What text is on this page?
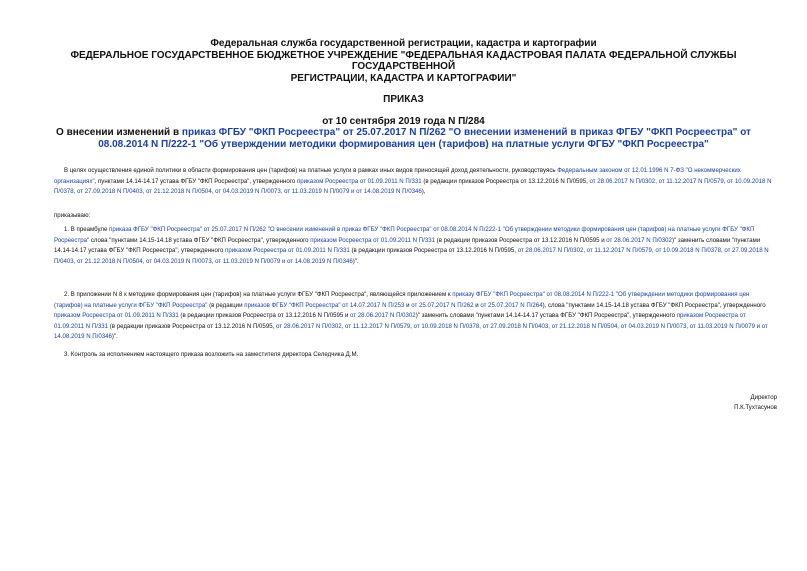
Федеральная служба государственной регистрации, кадастра и картографии
ФЕДЕРАЛЬНОЕ ГОСУДАРСТВЕННОЕ БЮДЖЕТНОЕ УЧРЕЖДЕНИЕ "ФЕДЕРАЛЬНАЯ КАДАСТРОВАЯ ПАЛАТА ФЕДЕРАЛЬНОЙ СЛУЖБЫ ГОСУДАРСТВЕННОЙ
РЕГИСТРАЦИИ, КАДАСТРА И КАРТОГРАФИИ"
ПРИКАЗ
от 10 сентября 2019 года N П/284
О внесении изменений в приказ ФГБУ "ФКП Росреестра" от 25.07.2017 N П/262 "О внесении изменений в приказ ФГБУ "ФКП Росреестра" от 08.08.2014 N П/222-1 "Об утверждении методики формирования цен (тарифов) на платные услуги ФГБУ "ФКП Росреестра"
В целях осуществления единой политики в области формирования цен (тарифов) на платные услуги в рамках иных видов приносящей доход деятельности, руководствуясь Федеральным законом от 12.01.1996 N 7-ФЗ "О некоммерческих организациях", пунктами 14.14-14.17 устава ФГБУ "ФКП Росреестра", утвержденного приказом Росреестра от 01.09.2011 N П/331 (в редакции приказов Росреестра от 13.12.2016 N П/0595, от 28.06.2017 N П/0302, от 11.12.2017 N П/0579, от 10.09.2018 N П/0378, от 27.09.2018 N П/0403, от 21.12.2018 N П/0504, от 04.03.2019 N П/0073, от 11.03.2019 N П/0079 и от 14.08.2019 N П/0346),
приказываю:
1. В преамбуле приказа ФГБУ "ФКП Росреестра" от 25.07.2017 N П/262 "О внесении изменений в приказ ФГБУ "ФКП Росреестра" от 08.08.2014 N П/222-1 "Об утверждении методики формирования цен (тарифов) на платные услуги ФГБУ "ФКП Росреестра" слова "пунктами 14.15-14.18 устава ФГБУ "ФКП Росреестра", утвержденного приказом Росреестра от 01.09.2011 N П/331 (в редакции приказов Росреестра от 13.12.2016 N П/0595 и от 28.06.2017 N П/0302)" заменить словами "пунктами 14.14-14.17 устава ФГБУ "ФКП Росреестра", утвержденного приказом Росреестра от 01.09.2011 N П/331 (в редакции приказов Росреестра от 13.12.2016 N П/0595, от 28.06.2017 N П/0302, от 11.12.2017 N П/0579, от 10.09.2018 N П/0378, от 27.09.2018 N П/0403, от 21.12.2018 N П/0504, от 04.03.2019 N П/0073, от 11.03.2019 N П/0079 и от 14.08.2019 N П/0346)".
2. В приложении N 8 к методике формирования цен (тарифов) на платные услуги ФГБУ "ФКП Росреестра", являющейся приложением к приказу ФГБУ "ФКП Росреестра" от 08.08.2014 N П/222-1 "Об утверждении методики формирования цен (тарифов) на платные услуги ФГБУ "ФКП Росреестра" (в редакции приказов ФГБУ "ФКП Росреестра" от 14.07.2017 N П/253 и от 25.07.2017 N П/262 и от 25.07.2017 N П/264), слова "пунктами 14.15-14.18 устава ФГБУ "ФКП Росреестра", утвержденного приказом Росреестра от 01.09.2011 N П/331 (в редакции приказов Росреестра от 13.12.2016 N П/0595 и от 28.06.2017 N П/0302)" заменить словами "пунктами 14.14-14.17 устава ФГБУ "ФКП Росреестра", утвержденного приказом Росреестра от 01.09.2011 N П/331 (в редакции приказов Росреестра от 13.12.2016 N П/0595, от 28.06.2017 N П/0302, от 11.12.2017 N П/0579, от 10.09.2018 N П/0378, от 27.09.2018 N П/0403, от 21.12.2018 N П/0504, от 04.03.2019 N П/0073, от 11.03.2019 N П/0079 и от 14.08.2019 N П/0346)".
3. Контроль за исполнением настоящего приказа возложить на заместителя директора Селедчика Д.М.
Директор
П.К.Тухтасунов
